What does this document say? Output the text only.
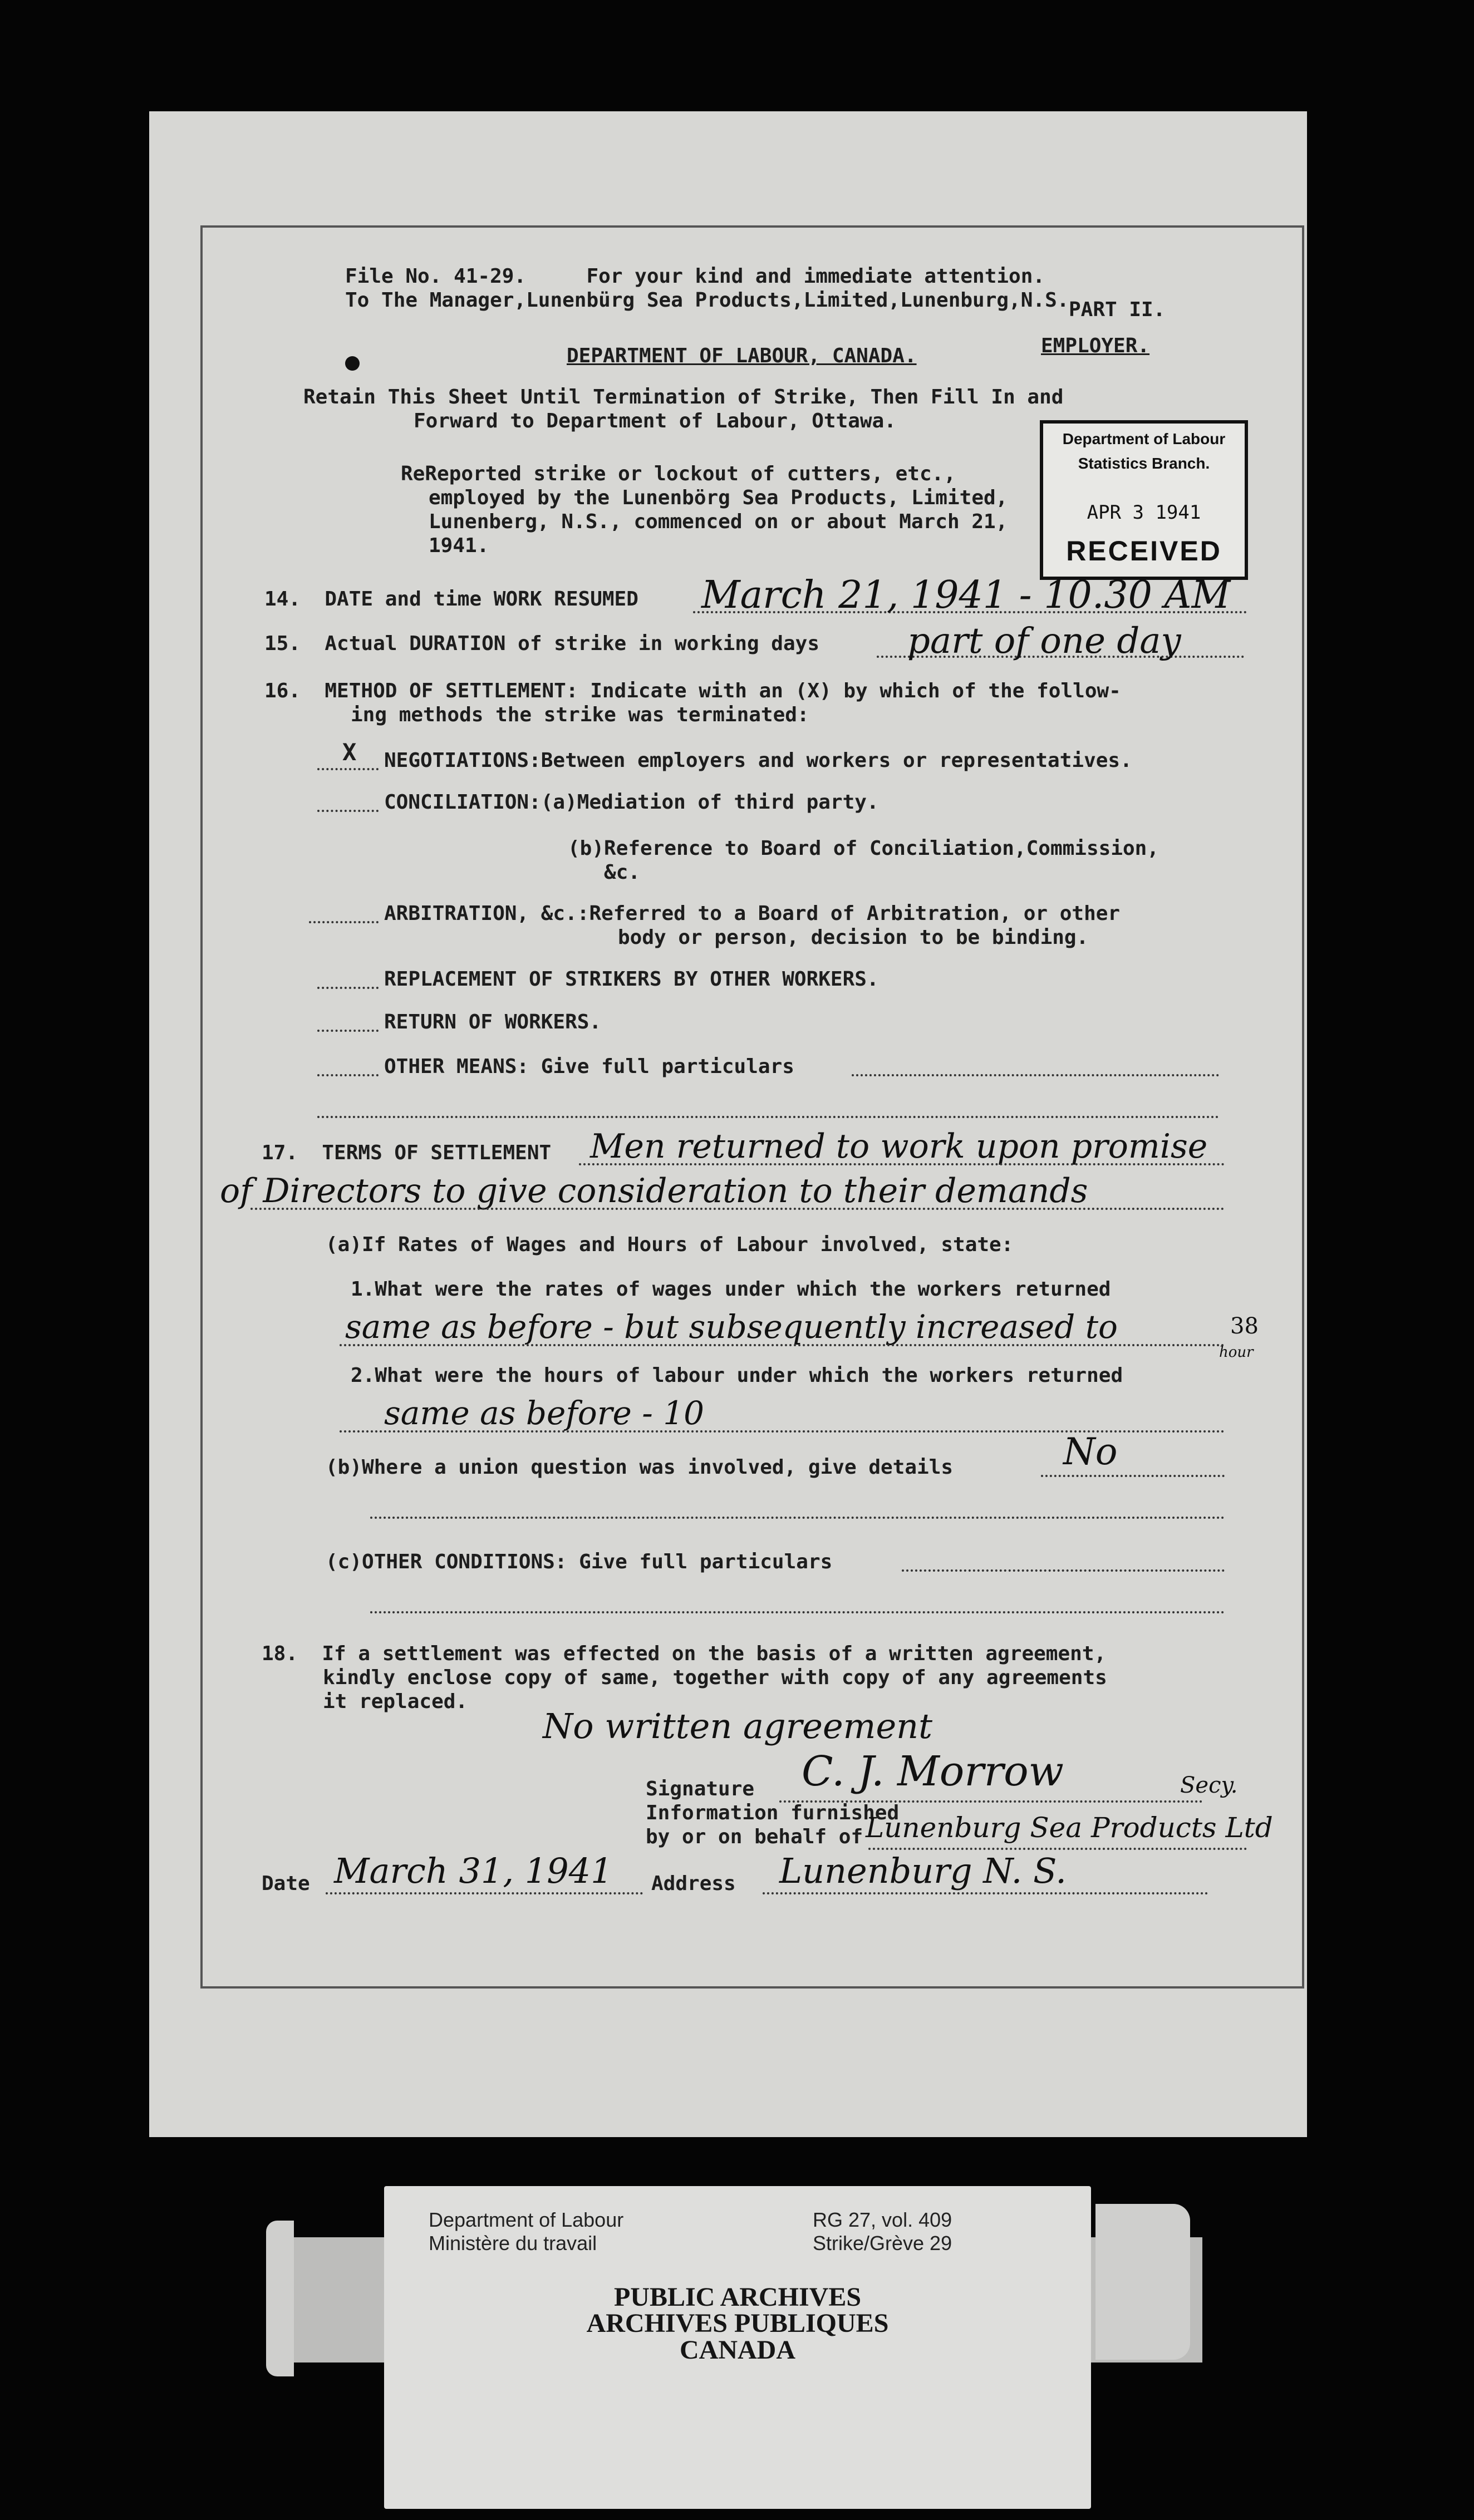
File No. 41-29.     For your kind and immediate attention.
To The Manager,Lunenbürg Sea Products,Limited,Lunenburg,N.S. PART II.
DEPARTMENT OF LABOUR, CANADA.	EMPLOYER.
Retain This Sheet Until Termination of Strike, Then Fill In and
Forward to Department of Labour, Ottawa.
Department of Labour
Statistics Branch.
APR 3 1941
RECEIVED
ReReported strike or lockout of cutters, etc.,
employed by the Lunenbörg Sea Products, Limited,
Lunenberg, N.S., commenced on or about March 21,
1941.
14.  DATE and time WORK RESUMED March 21, 1941 - 10.30 AM
15.  Actual DURATION of strike in working days part of one day
16.  METHOD OF SETTLEMENT: Indicate with an (X) by which of the follow-
ing methods the strike was terminated:
X NEGOTIATIONS:Between employers and workers or representatives.
CONCILIATION:(a)Mediation of third party.
(b)Reference to Board of Conciliation,Commission,
&c.
ARBITRATION, &c.:Referred to a Board of Arbitration, or other
body or person, decision to be binding.
REPLACEMENT OF STRIKERS BY OTHER WORKERS.
RETURN OF WORKERS.
OTHER MEANS: Give full particulars
17.  TERMS OF SETTLEMENT Men returned to work upon promise
of Directors to give consideration to their demands
(a)If Rates of Wages and Hours of Labour involved, state:
1.What were the rates of wages under which the workers returned
same as before - but subsequently increased to	38
hour
2.What were the hours of labour under which the workers returned
same as before - 10
(b)Where a union question was involved, give details	No
(c)OTHER CONDITIONS: Give full particulars
18.  If a settlement was effected on the basis of a written agreement,
kindly enclose copy of same, together with copy of any agreements
it replaced.
No written agreement
Signature C. J. Morrow	Secy.
Information furnished
by or on behalf of Lunenburg Sea Products Ltd
Date March 31, 1941 Address Lunenburg N. S.
Department of Labour
Ministère du travail
RG 27, vol. 409
Strike/Grève 29
PUBLIC ARCHIVES
ARCHIVES PUBLIQUES
CANADA
